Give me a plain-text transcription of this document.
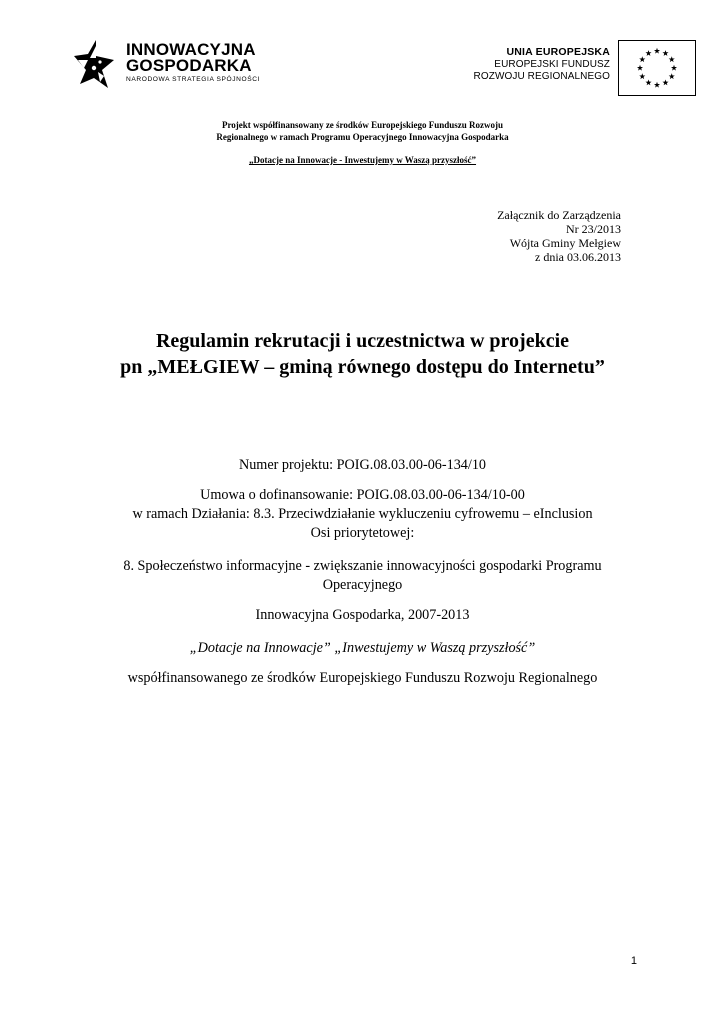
INNOWACYJNA
GOSPODARKA
NARODOWA STRATEGIA SPÓJNOŚCI
UNIA EUROPEJSKA
EUROPEJSKI FUNDUSZ
ROZWOJU REGIONALNEGO
Projekt współfinansowany ze środków Europejskiego Funduszu Rozwoju
Regionalnego w ramach Programu Operacyjnego Innowacyjna Gospodarka
„Dotacje na Innowacje - Inwestujemy w Waszą przyszłość”
Załącznik do Zarządzenia
Nr 23/2013
Wójta Gminy Mełgiew
z dnia 03.06.2013
Regulamin rekrutacji i uczestnictwa w projekcie
pn „MEŁGIEW – gminą równego dostępu do Internetu”
Numer projektu: POIG.08.03.00-06-134/10
Umowa o dofinansowanie: POIG.08.03.00-06-134/10-00
w ramach Działania: 8.3. Przeciwdziałanie wykluczeniu cyfrowemu – eInclusion
Osi priorytetowej:
8. Społeczeństwo informacyjne - zwiększanie innowacyjności gospodarki Programu
Operacyjnego
Innowacyjna Gospodarka, 2007-2013
„Dotacje na Innowacje” „Inwestujemy w Waszą przyszłość”
współfinansowanego ze środków Europejskiego Funduszu Rozwoju Regionalnego
1
